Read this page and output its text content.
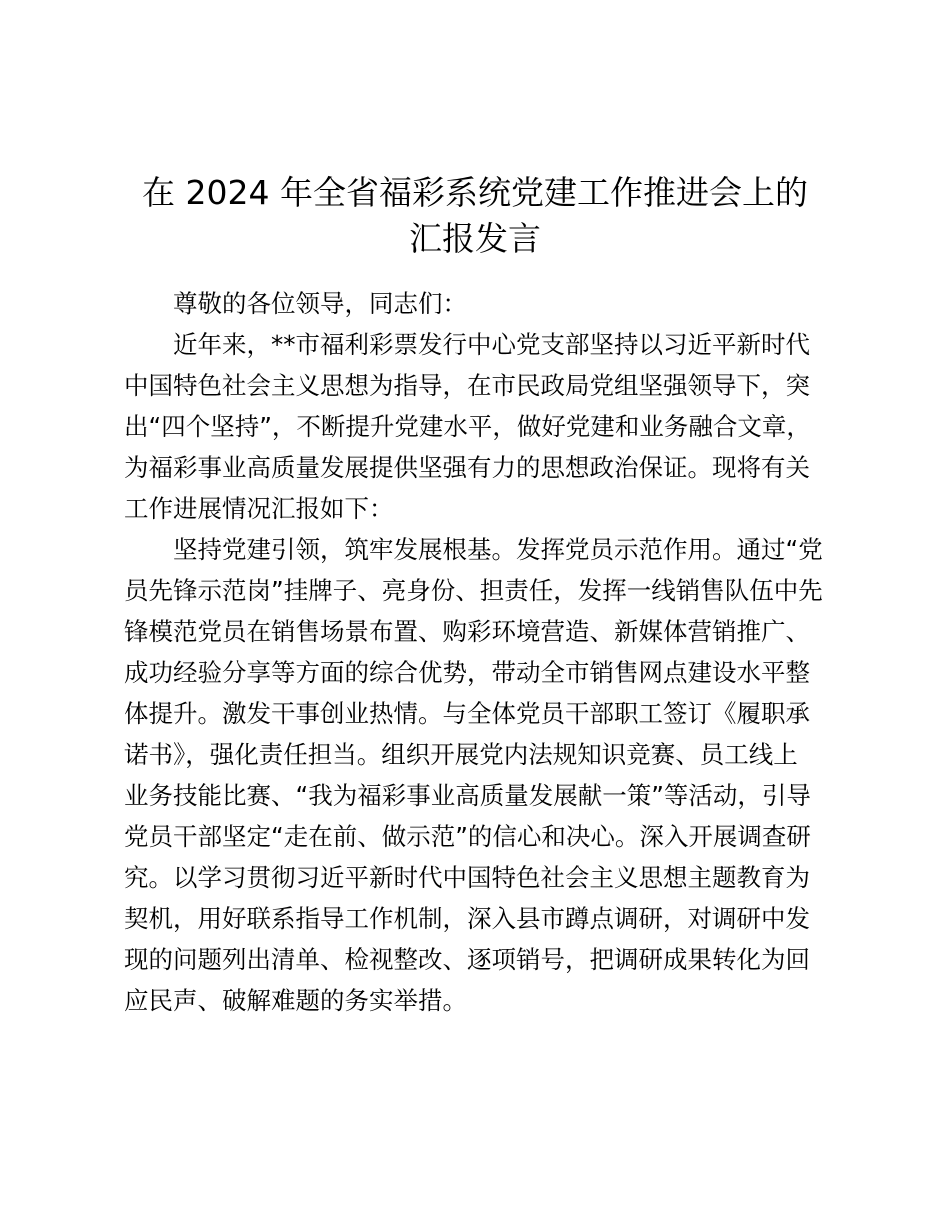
在 2024 年全省福彩系统党建工作推进会上的
汇报发言
尊敬的各位领导，同志们：
近年来，**市福利彩票发行中心党支部坚持以习近平新时代
中国特色社会主义思想为指导，在市民政局党组坚强领导下，突
出“四个坚持”，不断提升党建水平，做好党建和业务融合文章，
为福彩事业高质量发展提供坚强有力的思想政治保证。现将有关
工作进展情况汇报如下：
坚持党建引领，筑牢发展根基。发挥党员示范作用。通过“党
员先锋示范岗”挂牌子、亮身份、担责任，发挥一线销售队伍中先
锋模范党员在销售场景布置、购彩环境营造、新媒体营销推广、
成功经验分享等方面的综合优势，带动全市销售网点建设水平整
体提升。激发干事创业热情。与全体党员干部职工签订《履职承
诺书》，强化责任担当。组织开展党内法规知识竞赛、员工线上
业务技能比赛、“我为福彩事业高质量发展献一策”等活动，引导
党员干部坚定“走在前、做示范”的信心和决心。深入开展调查研
究。以学习贯彻习近平新时代中国特色社会主义思想主题教育为
契机，用好联系指导工作机制，深入县市蹲点调研，对调研中发
现的问题列出清单、检视整改、逐项销号，把调研成果转化为回
应民声、破解难题的务实举措。
